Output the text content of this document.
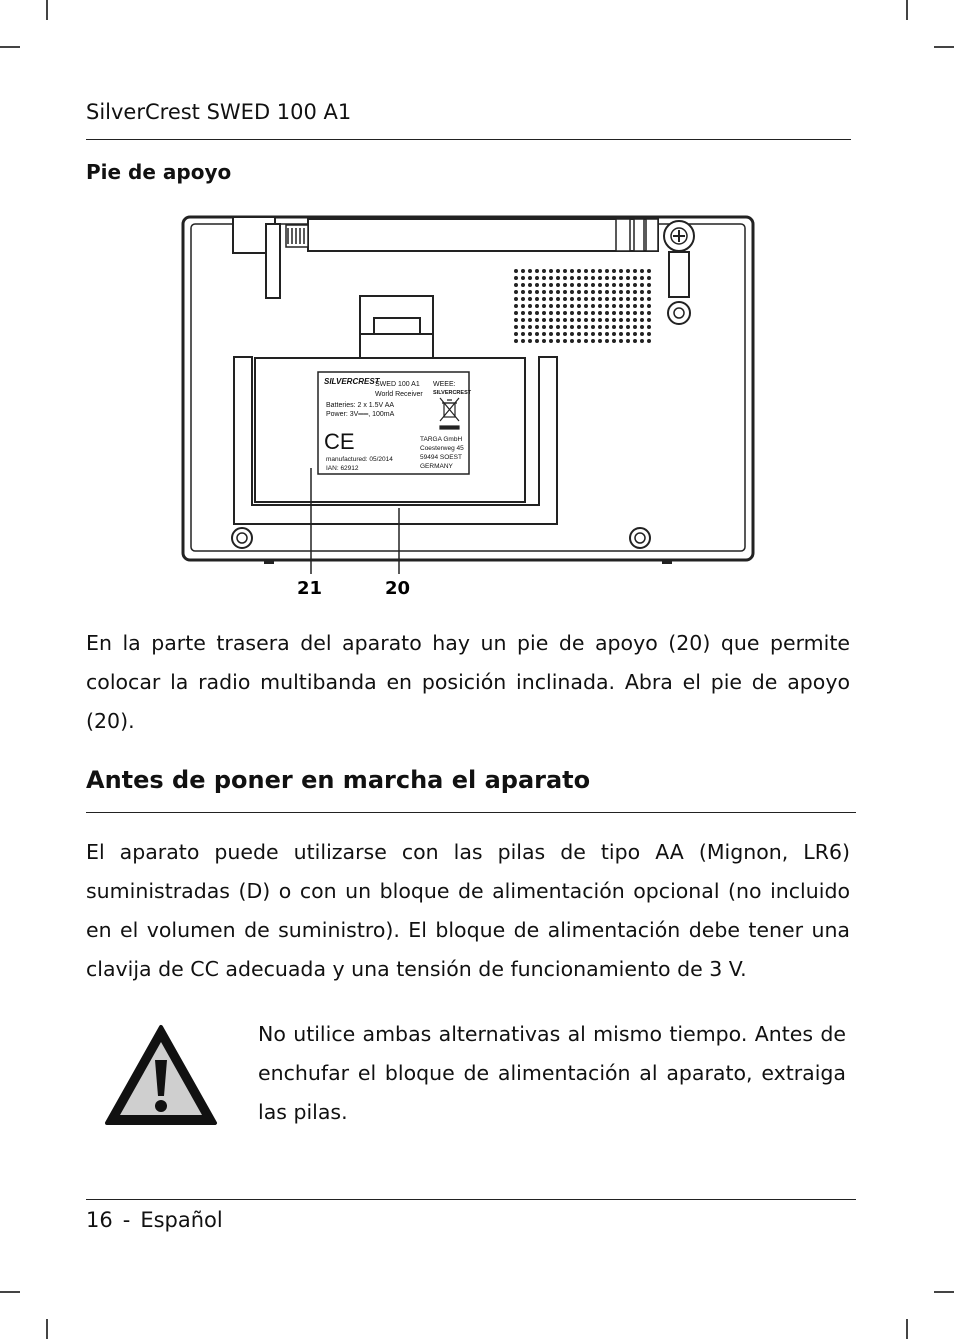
SilverCrest SWED 100 A1
Pie de apoyo
SILVERCREST
SWED 100 A1
World Receiver
Batteries: 2 x 1.5V AA
Power: 3V══, 100mA
WEEE:
SILVERCREST
CE
manufactured: 05/2014
IAN: 62912
TARGA GmbH
Coesterweg 45
59494 SOEST
GERMANY
21	20

En la parte trasera del aparato hay un pie de apoyo (20) que permite colocar la radio multibanda en posición inclinada. Abra el pie de apoyo (20).

Antes de poner en marcha el aparato

El aparato puede utilizarse con las pilas de tipo AA (Mignon, LR6) suministradas (D) o con un bloque de alimentación opcional (no incluido en el volumen de suministro). El bloque de alimentación debe tener una clavija de CC adecuada y una tensión de funcionamiento de 3 V.

No utilice ambas alternativas al mismo tiempo. Antes de enchufar el bloque de alimentación al aparato, extraiga las pilas.

16 - Español
